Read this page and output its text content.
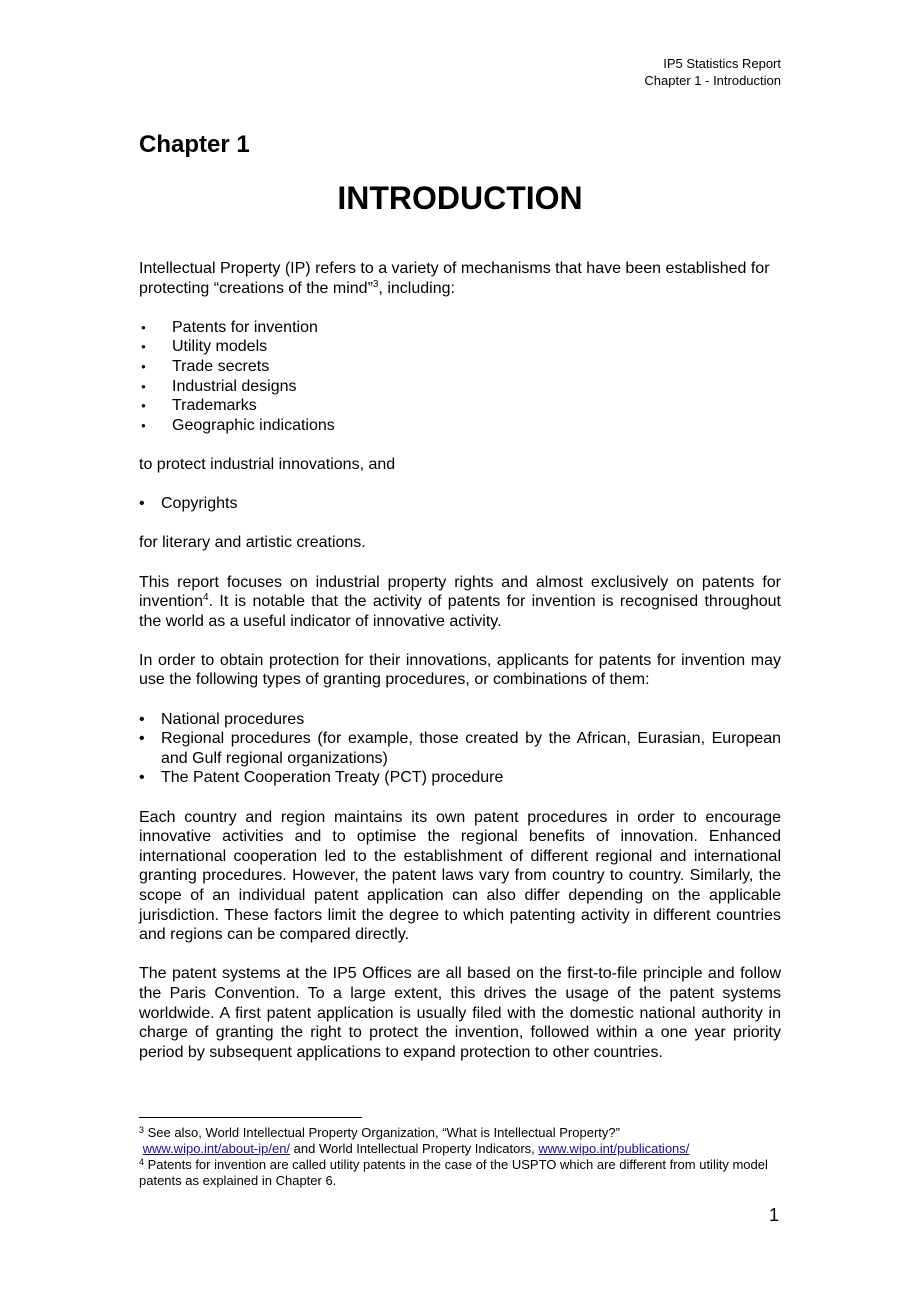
IP5 Statistics Report
Chapter 1 - Introduction
Chapter 1
INTRODUCTION

Intellectual Property (IP) refers to a variety of mechanisms that have been established for protecting “creations of the mind”$^3$, including:

● Patents for invention
● Utility models
● Trade secrets
● Industrial designs
● Trademarks
● Geographic indications

to protect industrial innovations, and

• Copyrights

for literary and artistic creations.

This report focuses on industrial property rights and almost exclusively on patents for invention$^4$. It is notable that the activity of patents for invention is recognised throughout the world as a useful indicator of innovative activity.

In order to obtain protection for their innovations, applicants for patents for invention may use the following types of granting procedures, or combinations of them:

• National procedures
• Regional procedures (for example, those created by the African, Eurasian, European and Gulf regional organizations)
• The Patent Cooperation Treaty (PCT) procedure

Each country and region maintains its own patent procedures in order to encourage innovative activities and to optimise the regional benefits of innovation. Enhanced international cooperation led to the establishment of different regional and international granting procedures. However, the patent laws vary from country to country. Similarly, the scope of an individual patent application can also differ depending on the applicable jurisdiction. These factors limit the degree to which patenting activity in different countries and regions can be compared directly.

The patent systems at the IP5 Offices are all based on the first-to-file principle and follow the Paris Convention. To a large extent, this drives the usage of the patent systems worldwide. A first patent application is usually filed with the domestic national authority in charge of granting the right to protect the invention, followed within a one year priority period by subsequent applications to expand protection to other countries.

$^3$ See also, World Intellectual Property Organization, “What is Intellectual Property?”
www.wipo.int/about-ip/en/ and World Intellectual Property Indicators, www.wipo.int/publications/

$^4$ Patents for invention are called utility patents in the case of the USPTO which are different from utility model patents as explained in Chapter 6.

1
